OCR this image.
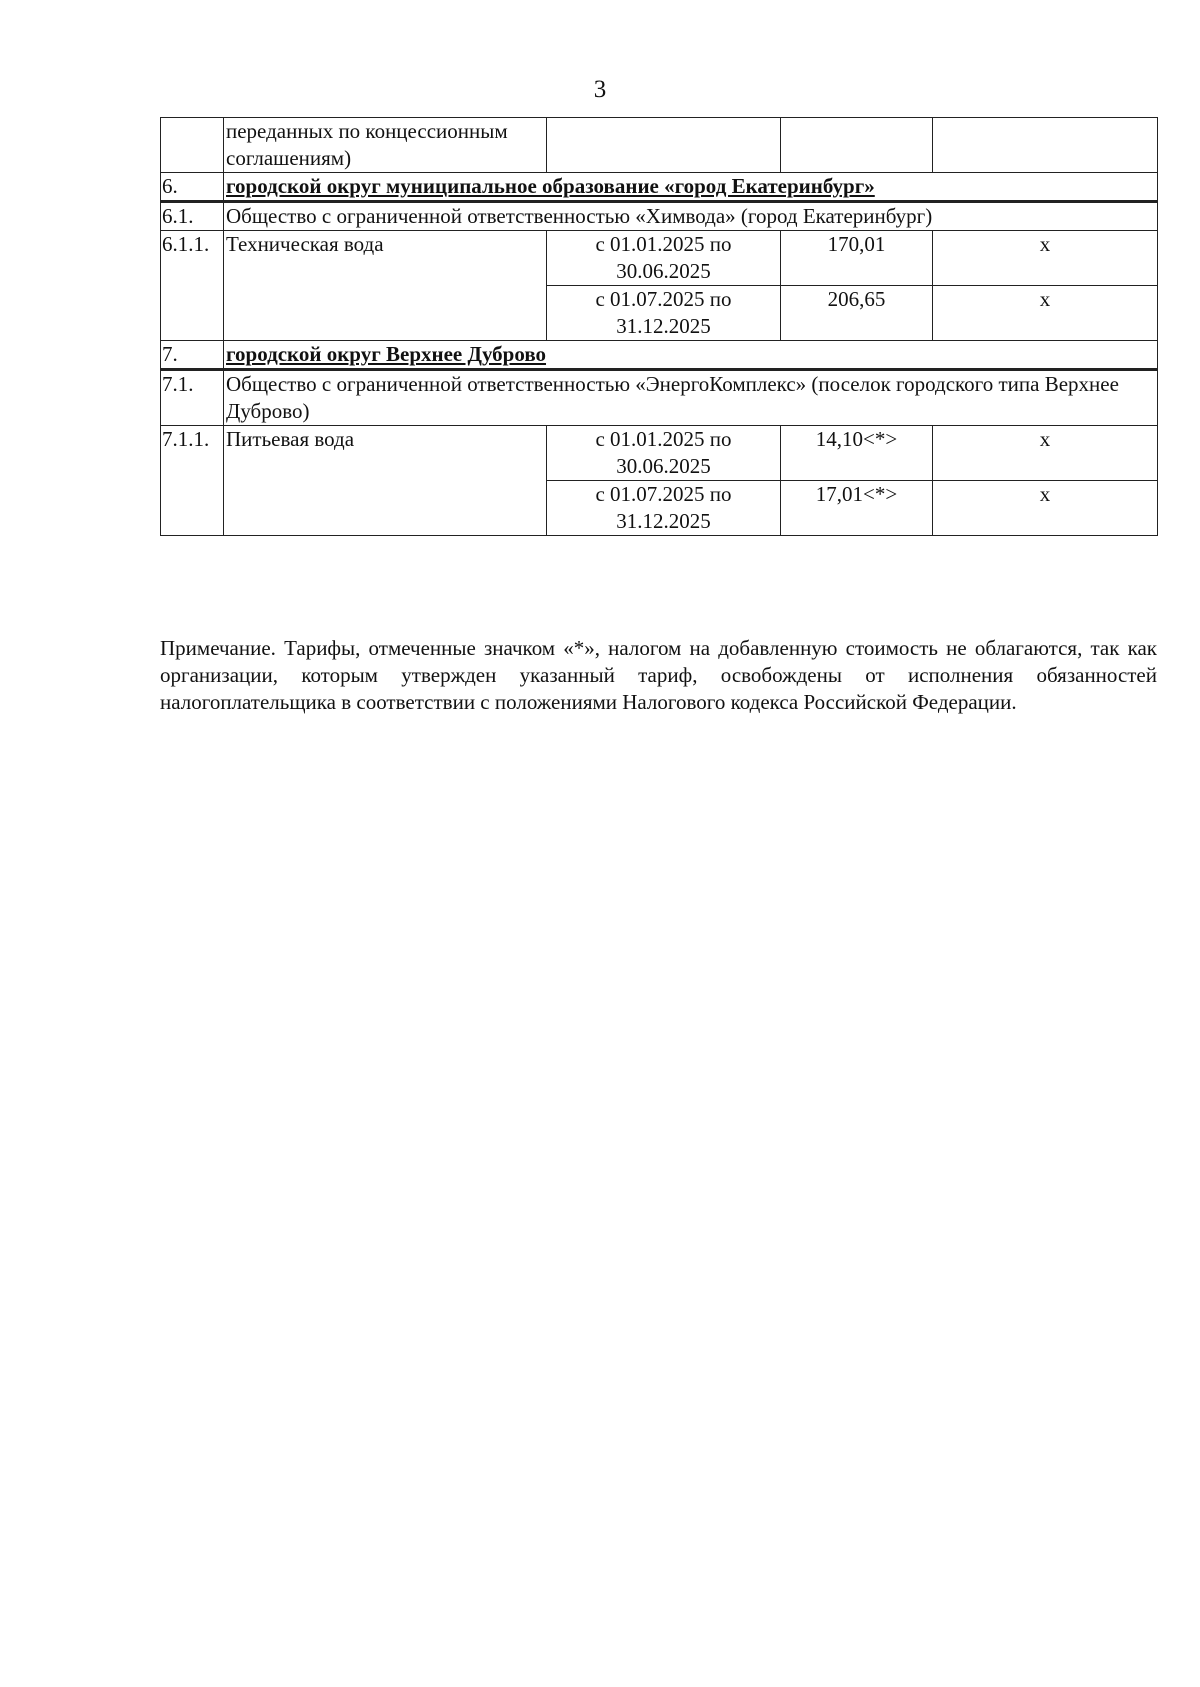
3
	переданных по концессионным соглашениям)			
6.	городской округ муниципальное образование «город Екатеринбург»			
6.1.	Общество с ограниченной ответственностью «Химвода» (город Екатеринбург)			
6.1.1.	Техническая вода	с 01.01.2025 по 30.06.2025	170,01	х
		с 01.07.2025 по 31.12.2025	206,65	х
7.	городской округ Верхнее Дуброво			
7.1.	Общество с ограниченной ответственностью «ЭнергоКомплекс» (поселок городского типа Верхнее Дуброво)			
7.1.1.	Питьевая вода	с 01.01.2025 по 30.06.2025	14,10<*>	х
		с 01.07.2025 по 31.12.2025	17,01<*>	х

Примечание. Тарифы, отмеченные значком «*», налогом на добавленную стоимость не облагаются, так как организации, которым утвержден указанный тариф, освобождены от исполнения обязанностей налогоплательщика в соответствии с положениями Налогового кодекса Российской Федерации.
